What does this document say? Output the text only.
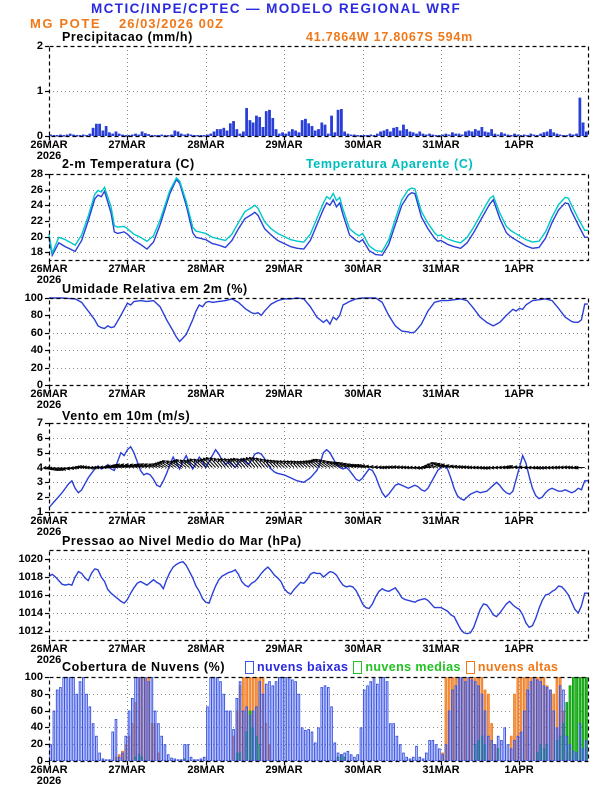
MCTIC/INPE/CPTEC — MODELO REGIONAL WRF
MG POTE 26/03/2026 00Z
41.7864W 17.8067S 594m
Precipitacao (mm/h)
2-m Temperatura (C)	Temperatura Aparente (C)
Umidade Relativa em 2m (%)
Vento em 10m (m/s)
Pressao ao Nivel Medio do Mar (hPa)
Cobertura de Nuvens (%)	nuvens baixas nuvens medias nuvens altas
0
1
2
26MAR	27MAR	28MAR	29MAR	30MAR	31MAR	1APR
2026
18
20
22
24
26
28
26MAR	27MAR	28MAR	29MAR	30MAR	31MAR	1APR
2026
0
20
40
60
80
100
26MAR	27MAR	28MAR	29MAR	30MAR	31MAR	1APR
2026
1
2
3
4
5
6
7
26MAR	27MAR	28MAR	29MAR	30MAR	31MAR	1APR
2026
1012
1014
1016
1018
1020
26MAR	27MAR	28MAR	29MAR	30MAR	31MAR	1APR
2026
0
20
40
60
80
100
26MAR	27MAR	28MAR	29MAR	30MAR	31MAR	1APR
2026
